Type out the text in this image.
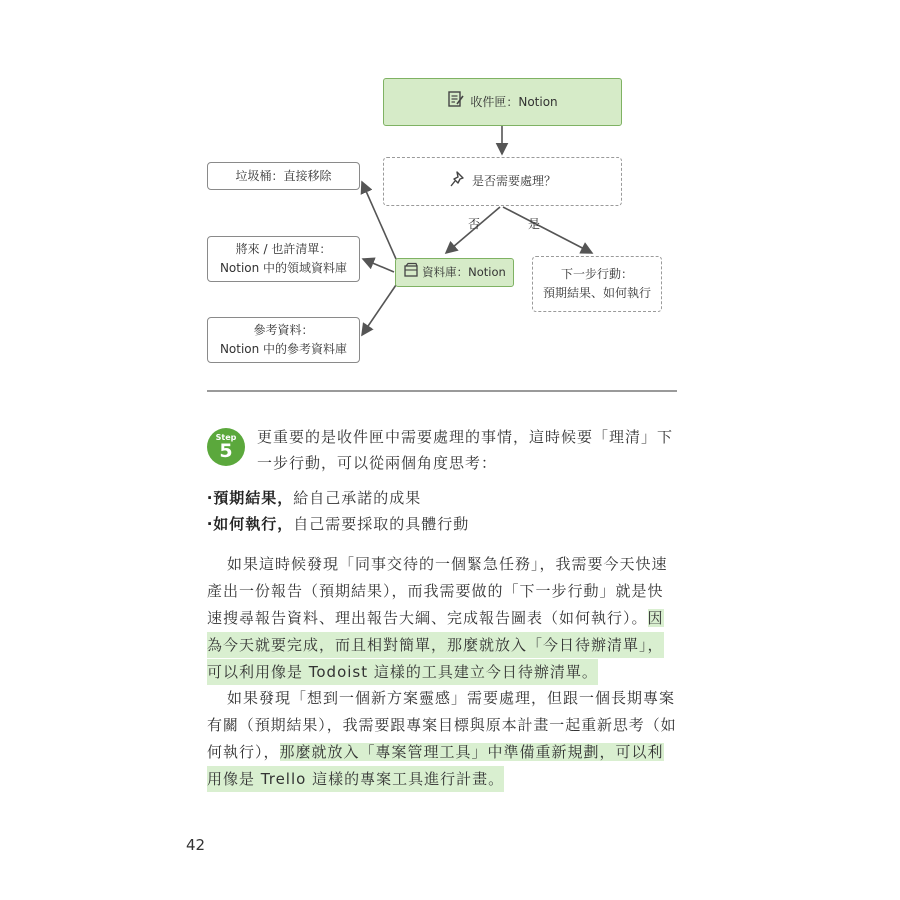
收件匣：Notion
是否需要處理？
否	是
垃圾桶：直接移除
將來 / 也許清單：
Notion 中的領域資料庫	資料庫：Notion	下一步行動：
預期結果、如何執行
參考資料：
Notion 中的參考資料庫
Step
5
更重要的是收件匣中需要處理的事情，這時候要「理清」下
一步行動，可以從兩個角度思考：
‧預期結果，給自己承諾的成果
‧如何執行，自己需要採取的具體行動
如果這時候發現「同事交待的一個緊急任務」，我需要今天快速
產出一份報告（預期結果），而我需要做的「下一步行動」就是快
速搜尋報告資料、理出報告大綱、完成報告圖表（如何執行）。因
為今天就要完成，而且相對簡單，那麼就放入「今日待辦清單」，
可以利用像是 Todoist 這樣的工具建立今日待辦清單。
如果發現「想到一個新方案靈感」需要處理，但跟一個長期專案
有關（預期結果），我需要跟專案目標與原本計畫一起重新思考（如
何執行），那麼就放入「專案管理工具」中準備重新規劃，可以利
用像是 Trello 這樣的專案工具進行計畫。
42
